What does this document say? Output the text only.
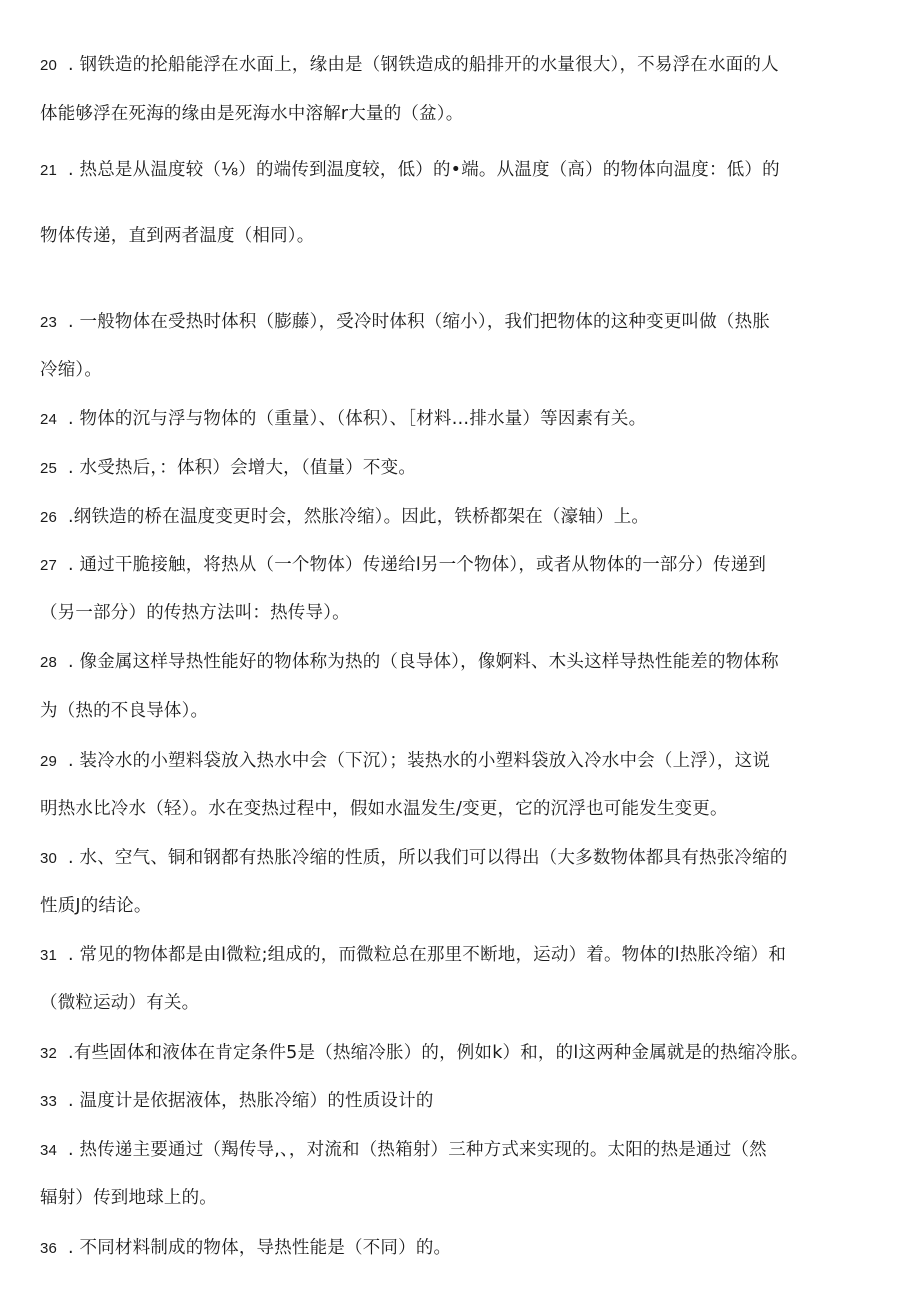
20 . 钢铁造的抡船能浮在水面上，缘由是（钢铁造成的船排开的水量很大），不易浮在水面的人
体能够浮在死海的缘由是死海水中溶解r大量的（盆）。
21 . 热总是从温度较（⅛）的端传到温度较，低）的•端。从温度（高）的物体向温度：低）的
物体传递，直到两者温度（相同）。
23 . 一般物体在受热时体积（膨藤），受冷时体积（缩小），我们把物体的这种变更叫做（热胀
冷缩）。
24 . 物体的沉与浮与物体的（重量）、（体积）、［材料…排水量）等因素有关。
25 . 水受热后，：体积）会增大，（值量）不变。
26 .纲铁造的桥在温度变更时会，然胀冷缩）。因此，铁桥都架在（濠轴）上。
27 . 通过干脆接触，将热从（一个物体）传递给l另一个物体），或者从物体的一部分）传递到
（另一部分）的传热方法叫：热传导）。
28 . 像金属这样导热性能好的物体称为热的（良导体），像婀料、木头这样导热性能差的物体称
为（热的不良导体）。
29 . 装冷水的小塑料袋放入热水中会（下沉）；装热水的小塑料袋放入冷水中会（上浮），这说
明热水比冷水（轻）。水在变热过程中，假如水温发生/变更，它的沉浮也可能发生变更。
30 . 水、空气、铜和钢都有热胀冷缩的性质，所以我们可以得出（大多数物体都具有热张冷缩的
性质J的结论。
31 . 常见的物体都是由l微粒;组成的，而微粒总在那里不断地，运动）着。物体的l热胀冷缩）和
（微粒运动）有关。
32 .有些固体和液体在肯定条件5是（热缩冷胀）的，例如k）和，的l这两种金属就是的热缩冷胀。
33 . 温度计是依据液体，热胀冷缩）的性质设计的
34 . 热传递主要通过（羯传导,、，对流和（热箱射）三种方式来实现的。太阳的热是通过（然
辐射）传到地球上的。
36 . 不同材料制成的物体，导热性能是（不同）的。
